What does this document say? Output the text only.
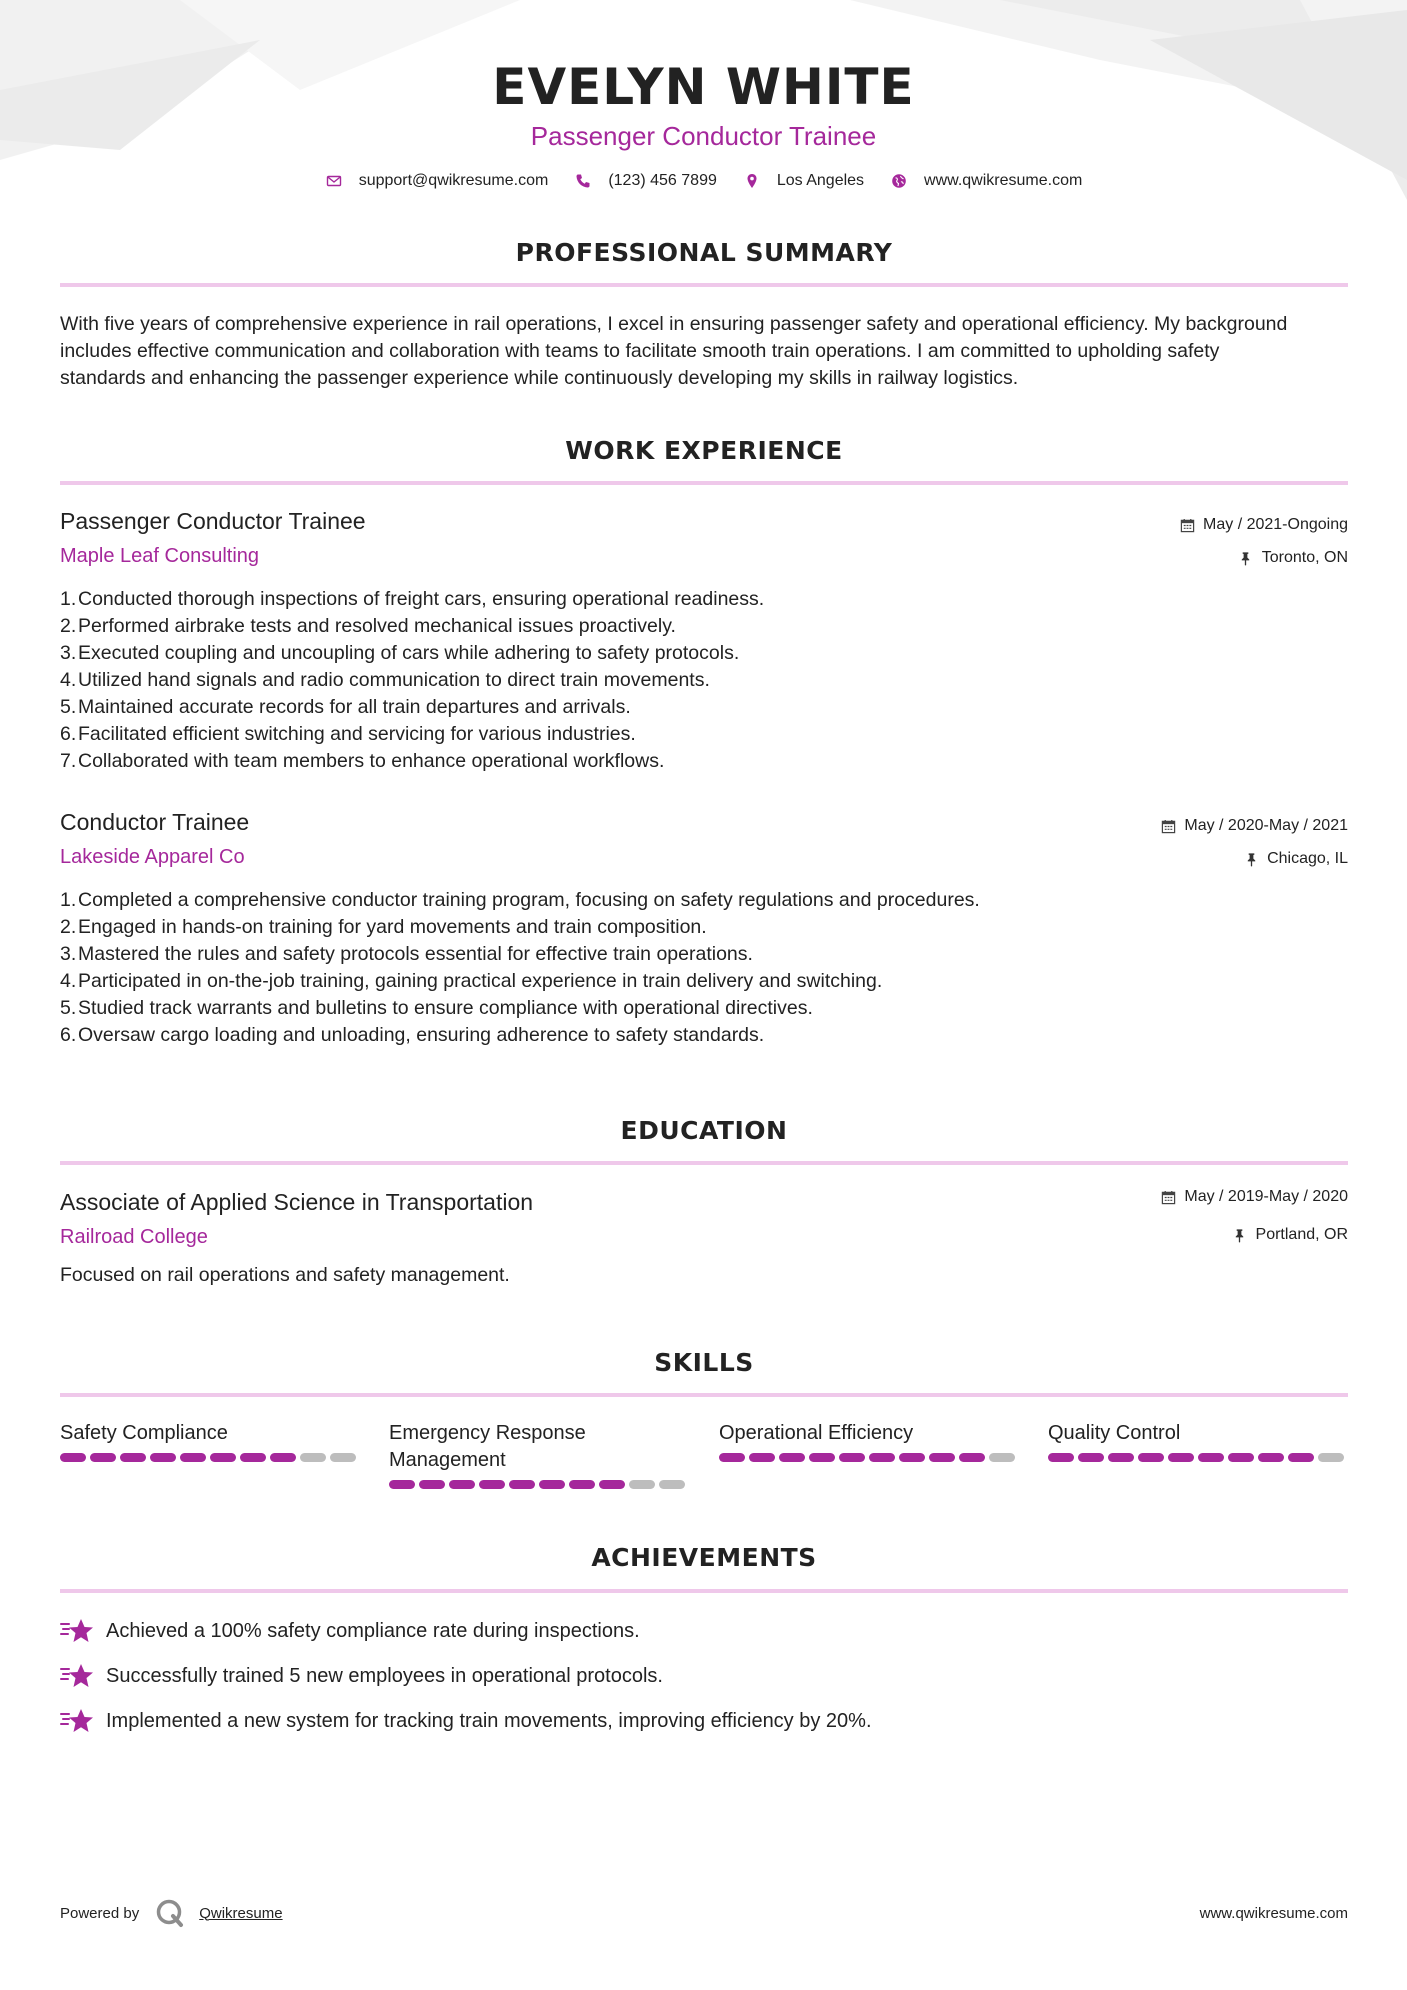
EVELYN WHITE
Passenger Conductor Trainee
support@qwikresume.com	(123) 456 7899	Los Angeles	www.qwikresume.com
PROFESSIONAL SUMMARY
With five years of comprehensive experience in rail operations, I excel in ensuring passenger safety and operational efficiency. My background
includes effective communication and collaboration with teams to facilitate smooth train operations. I am committed to upholding safety
standards and enhancing the passenger experience while continuously developing my skills in railway logistics.
WORK EXPERIENCE
Passenger Conductor Trainee
Maple Leaf Consulting
May / 2021-Ongoing
Toronto, ON
1. Conducted thorough inspections of freight cars, ensuring operational readiness.
2. Performed airbrake tests and resolved mechanical issues proactively.
3. Executed coupling and uncoupling of cars while adhering to safety protocols.
4. Utilized hand signals and radio communication to direct train movements.
5. Maintained accurate records for all train departures and arrivals.
6. Facilitated efficient switching and servicing for various industries.
7. Collaborated with team members to enhance operational workflows.
Conductor Trainee
Lakeside Apparel Co
May / 2020-May / 2021
Chicago, IL
1. Completed a comprehensive conductor training program, focusing on safety regulations and procedures.
2. Engaged in hands-on training for yard movements and train composition.
3. Mastered the rules and safety protocols essential for effective train operations.
4. Participated in on-the-job training, gaining practical experience in train delivery and switching.
5. Studied track warrants and bulletins to ensure compliance with operational directives.
6. Oversaw cargo loading and unloading, ensuring adherence to safety standards.
EDUCATION
Associate of Applied Science in Transportation
Railroad College
May / 2019-May / 2020
Portland, OR
Focused on rail operations and safety management.
SKILLS
Safety Compliance	Emergency Response
Management
Operational Efficiency	Quality Control
ACHIEVEMENTS
Achieved a 100% safety compliance rate during inspections.
Successfully trained 5 new employees in operational protocols.
Implemented a new system for tracking train movements, improving efficiency by 20%.
Powered by	Qwikresume	www.qwikresume.com
